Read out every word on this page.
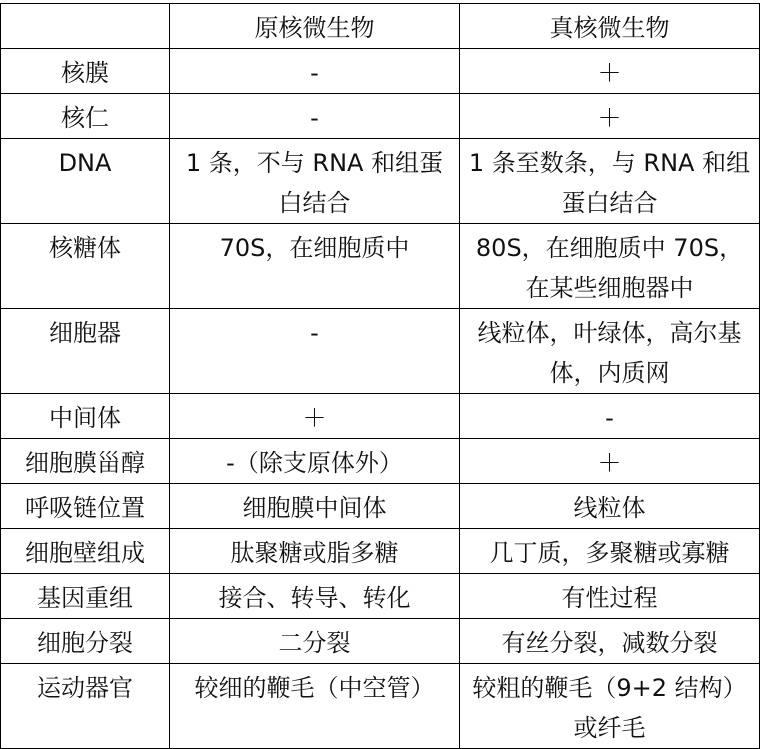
	原核微生物	真核微生物
核膜	-	＋
核仁	-	＋
DNA	1 条，不与 RNA 和组蛋白结合	1 条至数条，与 RNA 和组蛋白结合
核糖体	70S，在细胞质中	80S，在细胞质中 70S，在某些细胞器中
细胞器	-	线粒体，叶绿体，高尔基体，内质网
中间体	＋	-
细胞膜甾醇	-（除支原体外）	＋
呼吸链位置	细胞膜中间体	线粒体
细胞壁组成	肽聚糖或脂多糖	几丁质，多聚糖或寡糖
基因重组	接合、转导、转化	有性过程
细胞分裂	二分裂	有丝分裂，减数分裂
运动器官	较细的鞭毛（中空管）	较粗的鞭毛（9+2 结构）或纤毛
